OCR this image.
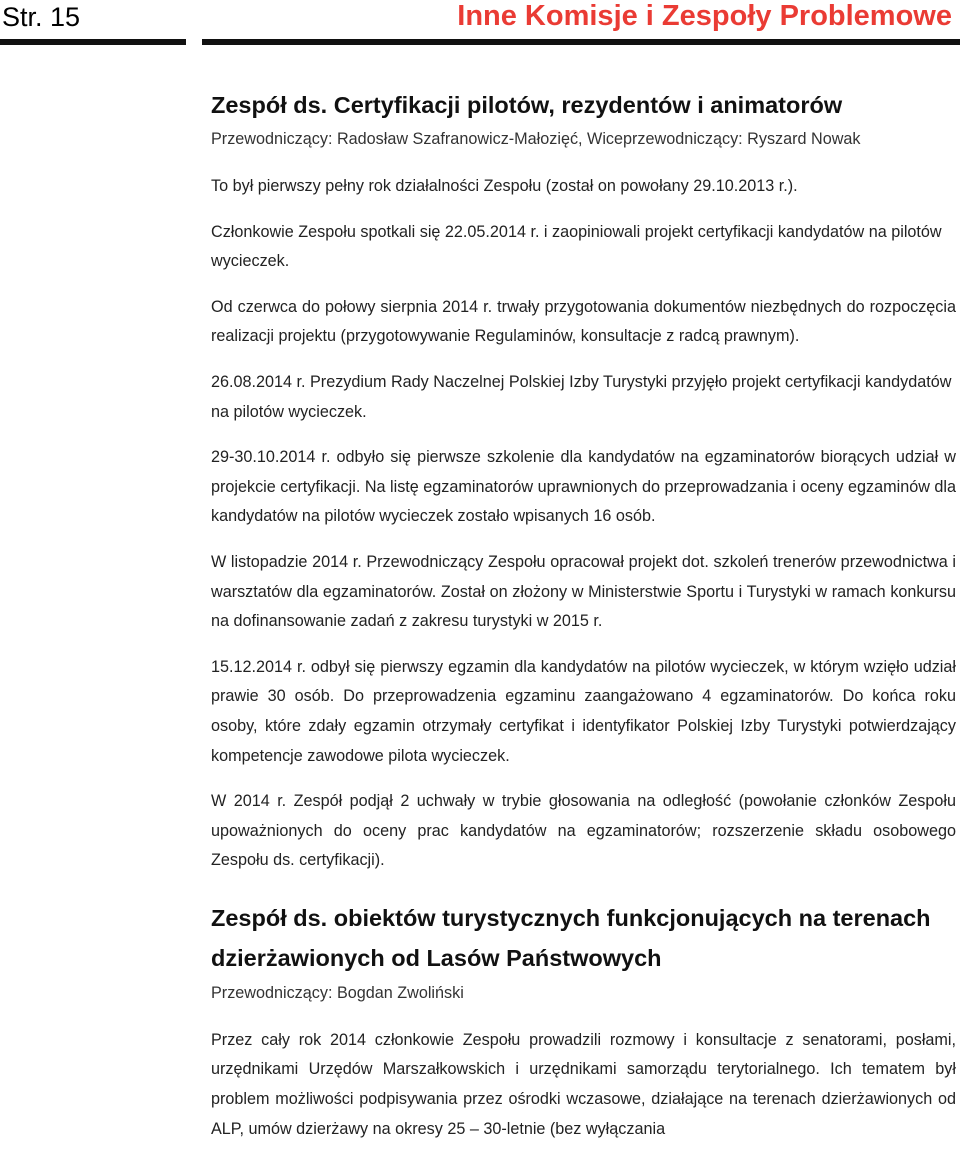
Str. 15	Inne Komisje i Zespoły Problemowe
Zespół ds. Certyfikacji pilotów, rezydentów i animatorów
Przewodniczący: Radosław Szafranowicz-Małozięć, Wiceprzewodniczący: Ryszard Nowak

To był pierwszy pełny rok działalności Zespołu (został on powołany 29.10.2013 r.).

Członkowie Zespołu spotkali się 22.05.2014 r. i zaopiniowali projekt certyfikacji kandydatów na pilotów wycieczek.

Od czerwca do połowy sierpnia 2014 r. trwały przygotowania dokumentów niezbędnych do rozpoczęcia realizacji projektu (przygotowywanie Regulaminów, konsultacje z radcą prawnym).

26.08.2014 r. Prezydium Rady Naczelnej Polskiej Izby Turystyki przyjęło projekt certyfikacji kandydatów na pilotów wycieczek.

29-30.10.2014 r. odbyło się pierwsze szkolenie dla kandydatów na egzaminatorów biorących udział w projekcie certyfikacji. Na listę egzaminatorów uprawnionych do przeprowadzania i oceny egzaminów dla kandydatów na pilotów wycieczek zostało wpisanych 16 osób.

W listopadzie 2014 r. Przewodniczący Zespołu opracował projekt dot. szkoleń trenerów przewodnictwa i warsztatów dla egzaminatorów. Został on złożony w Ministerstwie Sportu i Turystyki w ramach konkursu na dofinansowanie zadań z zakresu turystyki w 2015 r.

15.12.2014 r. odbył się pierwszy egzamin dla kandydatów na pilotów wycieczek, w którym wzięło udział prawie 30 osób. Do przeprowadzenia egzaminu zaangażowano 4 egzaminatorów. Do końca roku osoby, które zdały egzamin otrzymały certyfikat i identyfikator Polskiej Izby Turystyki potwierdzający kompetencje zawodowe pilota wycieczek.

W 2014 r. Zespół podjął 2 uchwały w trybie głosowania na odległość (powołanie członków Zespołu upoważnionych do oceny prac kandydatów na egzaminatorów; rozszerzenie składu osobowego Zespołu ds. certyfikacji).

Zespół ds. obiektów turystycznych funkcjonujących na terenach dzierżawionych od Lasów Państwowych
Przewodniczący: Bogdan Zwoliński

Przez cały rok 2014 członkowie Zespołu prowadzili rozmowy i konsultacje z senatorami, posłami, urzędnikami Urzędów Marszałkowskich i urzędnikami samorządu terytorialnego. Ich tematem był problem możliwości podpisywania przez ośrodki wczasowe, działające na terenach dzierżawionych od ALP, umów dzierżawy na okresy 25 – 30-letnie (bez wyłączania
